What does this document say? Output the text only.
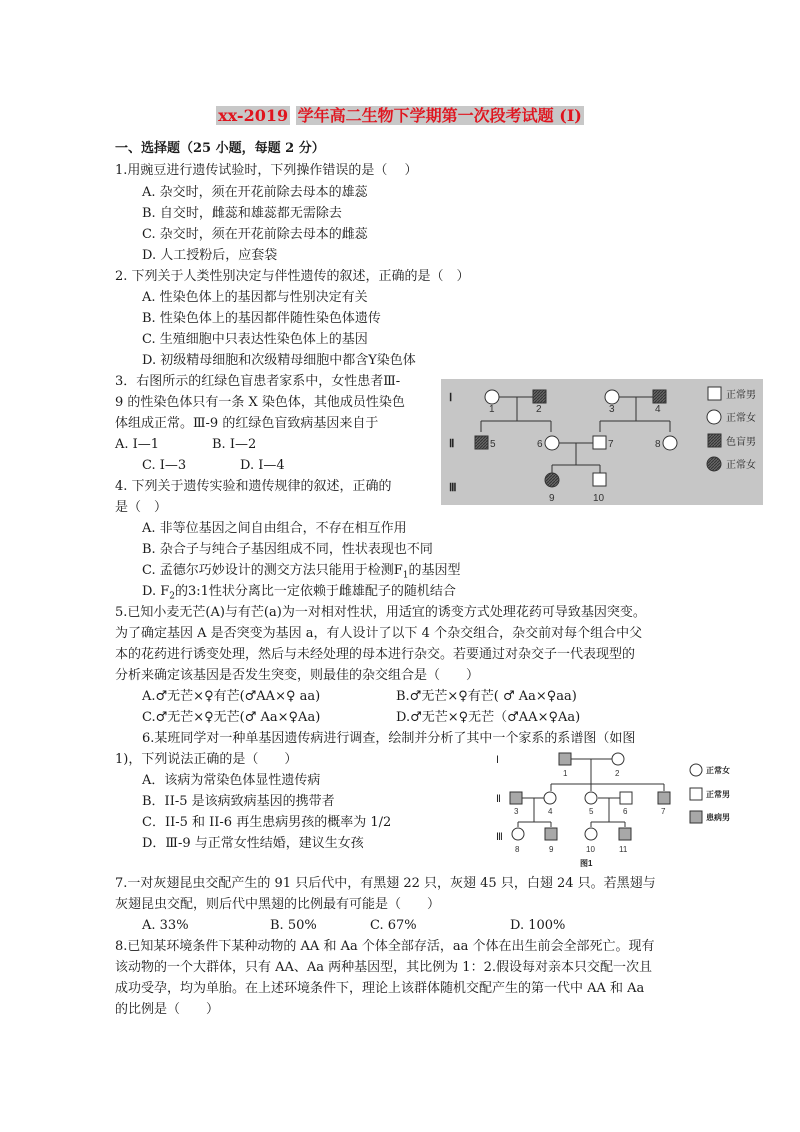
xx-2019 学年高二生物下学期第一次段考试题 (I)
一、选择题（25 小题，每题 2 分）
1.用豌豆进行遗传试验时，下列操作错误的是（　 ）
A. 杂交时，须在开花前除去母本的雄蕊
B. 自交时，雌蕊和雄蕊都无需除去
C. 杂交时，须在开花前除去母本的雌蕊
D. 人工授粉后，应套袋
2. 下列关于人类性别决定与伴性遗传的叙述，正确的是（　）
A. 性染色体上的基因都与性别决定有关
B. 性染色体上的基因都伴随性染色体遗传
C. 生殖细胞中只表达性染色体上的基因
D. 初级精母细胞和次级精母细胞中都含Y染色体
3．右图所示的红绿色盲患者家系中，女性患者Ⅲ-
9 的性染色体只有一条 X 染色体，其他成员性染色
体组成正常。Ⅲ-9 的红绿色盲致病基因来自于
A. Ⅰ—1	B. Ⅰ—2
C. Ⅰ—3	D. Ⅰ—4
Ⅰ
Ⅱ
Ⅲ
1	2	3	4
5	6	7	8
9	10
正常男
正常女
色盲男
正常女
4. 下列关于遗传实验和遗传规律的叙述，正确的
是（　）
A. 非等位基因之间自由组合，不存在相互作用
B. 杂合子与纯合子基因组成不同，性状表现也不同
C. 孟德尔巧妙设计的测交方法只能用于检测$F_1$的基因型
D. $F_2$的3:1性状分离比一定依赖于雌雄配子的随机结合
5.已知小麦无芒(A)与有芒(a)为一对相对性状，用适宜的诱变方式处理花药可导致基因突变。
为了确定基因 A 是否突变为基因 a，有人设计了以下 4 个杂交组合，杂交前对每个组合中父
本的花药进行诱变处理，然后与未经处理的母本进行杂交。若要通过对杂交子一代表现型的
分析来确定该基因是否发生突变，则最佳的杂交组合是（　　）
A.♂无芒×♀有芒(♂AA×♀ aa)	B.♂无芒×♀有芒( ♂ Aa×♀aa)
C.♂无芒×♀无芒(♂ Aa×♀Aa)	D.♂无芒×♀无芒（♂AA×♀Aa)
6.某班同学对一种单基因遗传病进行调查，绘制并分析了其中一个家系的系谱图（如图
1)，下列说法正确的是（　　）
A．该病为常染色体显性遗传病
B．II-5 是该病致病基因的携带者
C．II-5 和 II-6 再生患病男孩的概率为 1/2
D．Ⅲ-9 与正常女性结婚，建议生女孩
Ⅰ
Ⅱ
Ⅲ
1	2
3	4	5	6	7
8	9	10	11
图1
正常女
正常男
患病男
7.一对灰翅昆虫交配产生的 91 只后代中，有黑翅 22 只，灰翅 45 只，白翅 24 只。若黑翅与
灰翅昆虫交配，则后代中黑翅的比例最有可能是（　　）
A. 33%	B. 50%	C. 67%	D. 100%
8.已知某环境条件下某种动物的 AA 和 Aa 个体全部存活，aa 个体在出生前会全部死亡。现有
该动物的一个大群体，只有 AA、Aa 两种基因型，其比例为 1：2.假设每对亲本只交配一次且
成功受孕，均为单胎。在上述环境条件下，理论上该群体随机交配产生的第一代中 AA 和 Aa
的比例是（　　）
